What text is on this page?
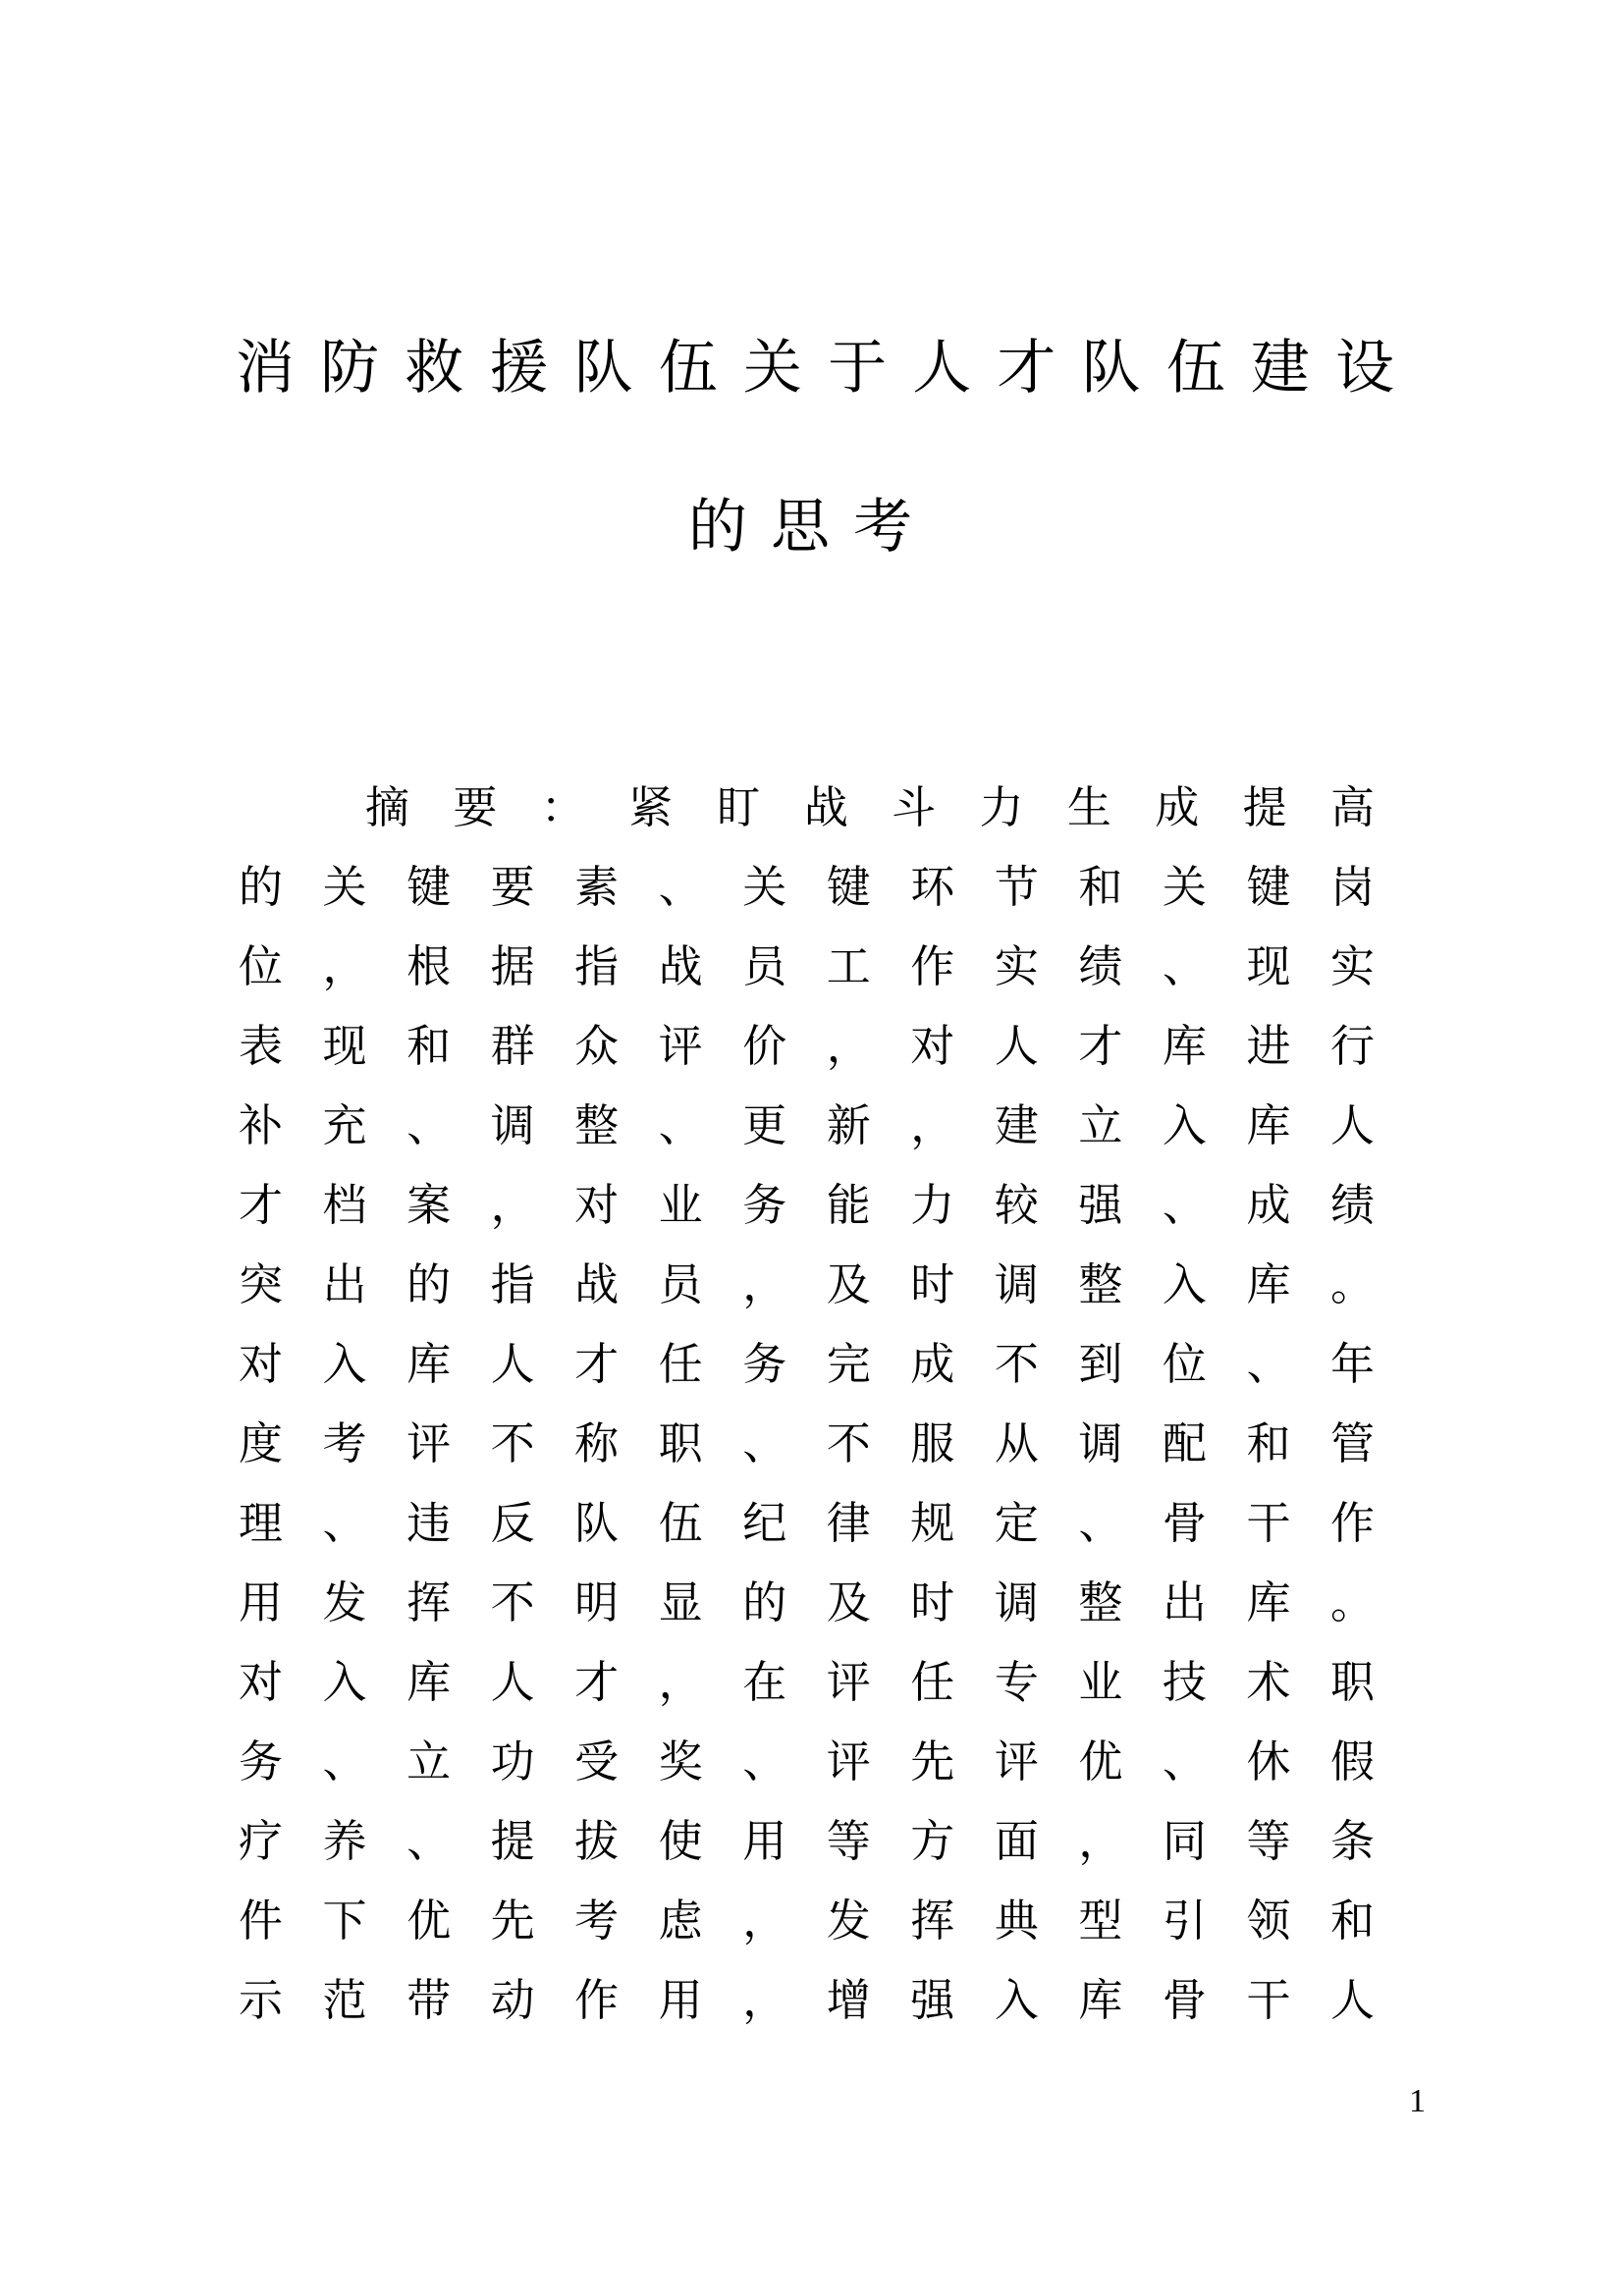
消防救援队伍关于人才队伍建设
的思考
摘要：紧盯战斗力生成提高
的关键要素、关键环节和关键岗
位，根据指战员工作实绩、现实
表现和群众评价，对人才库进行
补充、调整、更新，建立入库人
才档案，对业务能力较强、成绩
突出的指战员，及时调整入库。
对入库人才任务完成不到位、年
度考评不称职、不服从调配和管
理、违反队伍纪律规定、骨干作
用发挥不明显的及时调整出库。
对入库人才，在评任专业技术职
务、立功受奖、评先评优、休假
疗养、提拔使用等方面，同等条
件下优先考虑，发挥典型引领和
示范带动作用，增强入库骨干人
1
